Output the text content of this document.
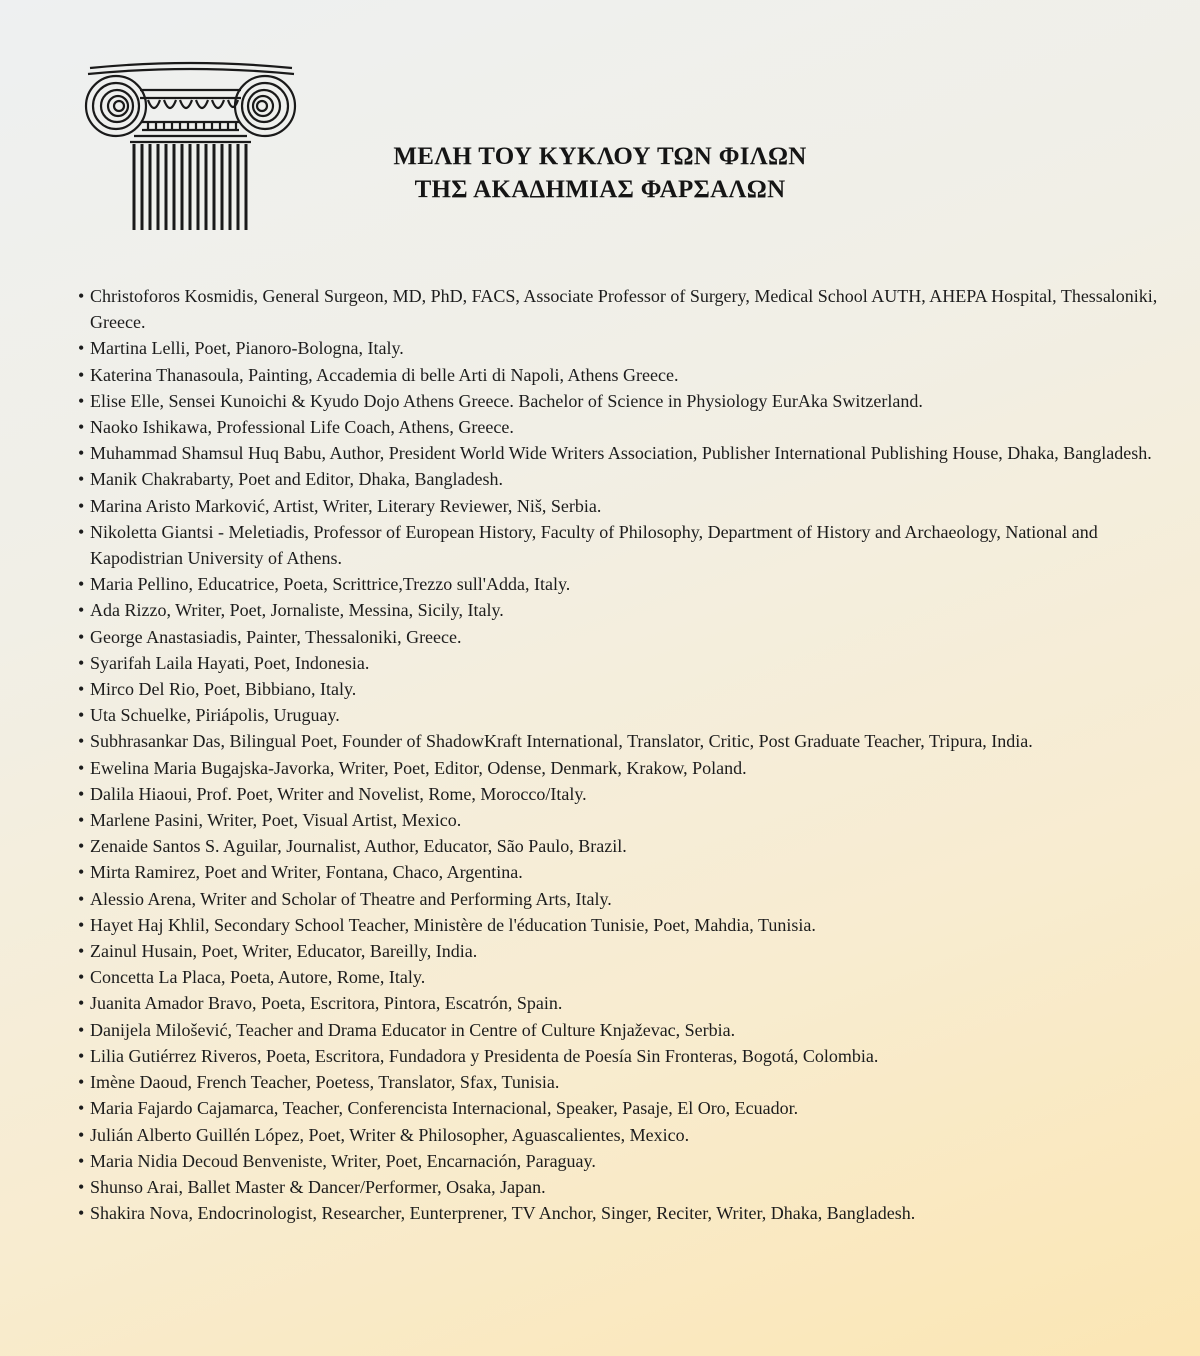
ΜΕΛΗ ΤΟΥ ΚΥΚΛΟΥ ΤΩΝ ΦΙΛΩΝ
ΤΗΣ ΑΚΑΔΗΜΙΑΣ ΦΑΡΣΑΛΩΝ
• Christoforos Kosmidis, General Surgeon, MD, PhD, FACS, Associate Professor of Surgery, Medical School AUTH, AHEPA Hospital, Thessaloniki, Greece.
• Martina Lelli, Poet, Pianoro-Bologna, Italy.
• Katerina Thanasoula, Painting, Accademia di belle Arti di Napoli, Athens Greece.
• Elise Elle, Sensei Kunoichi & Kyudo Dojo Athens Greece. Bachelor of Science in Physiology EurAka Switzerland.
• Naoko Ishikawa, Professional Life Coach, Athens, Greece.
• Muhammad Shamsul Huq Babu, Author, President World Wide Writers Association, Publisher International Publishing House, Dhaka, Bangladesh.
• Manik Chakrabarty, Poet and Editor, Dhaka, Bangladesh.
• Marina Aristo Marković, Artist, Writer, Literary Reviewer, Niš, Serbia.
• Nikoletta Giantsi - Meletiadis, Professor of European History, Faculty of Philosophy, Department of History and Archaeology, National and Kapodistrian University of Athens.
• Maria Pellino, Educatrice, Poeta, Scrittrice,Trezzo sull'Adda, Italy.
• Ada Rizzo, Writer, Poet, Jornaliste, Messina, Sicily, Italy.
• George Anastasiadis, Painter, Thessaloniki, Greece.
• Syarifah Laila Hayati, Poet, Indonesia.
• Mirco Del Rio, Poet, Bibbiano, Italy.
• Uta Schuelke, Piriápolis, Uruguay.
• Subhrasankar Das, Bilingual Poet, Founder of ShadowKraft International, Translator, Critic, Post Graduate Teacher, Tripura, India.
• Ewelina Maria Bugajska-Javorka, Writer, Poet, Editor, Odense, Denmark, Krakow, Poland.
• Dalila Hiaoui, Prof. Poet, Writer and Novelist, Rome, Morocco/Italy.
• Marlene Pasini, Writer, Poet, Visual Artist, Mexico.
• Zenaide Santos S. Aguilar, Journalist, Author, Educator, São Paulo, Brazil.
• Mirta Ramirez, Poet and Writer, Fontana, Chaco, Argentina.
• Alessio Arena, Writer and Scholar of Theatre and Performing Arts, Italy.
• Hayet Haj Khlil, Secondary School Teacher, Ministère de l'éducation Tunisie, Poet, Mahdia, Tunisia.
• Zainul Husain, Poet, Writer, Educator, Bareilly, India.
• Concetta La Placa, Poeta, Autore, Rome, Italy.
• Juanita Amador Bravo, Poeta, Escritora, Pintora, Escatrón, Spain.
• Danijela Milošević, Teacher and Drama Educator in Centre of Culture Knjaževac, Serbia.
• Lilia Gutiérrez Riveros, Poeta, Escritora, Fundadora y Presidenta de Poesía Sin Fronteras, Bogotá, Colombia.
• Imène Daoud, French Teacher, Poetess, Translator, Sfax, Tunisia.
• Maria Fajardo Cajamarca, Teacher, Conferencista Internacional, Speaker, Pasaje, El Oro, Ecuador.
• Julián Alberto Guillén López, Poet, Writer & Philosopher, Aguascalientes, Mexico.
• Maria Nidia Decoud Benveniste, Writer, Poet, Encarnación, Paraguay.
• Shunso Arai, Ballet Master & Dancer/Performer, Osaka, Japan.
• Shakira Nova, Endocrinologist, Researcher, Eunterprener, TV Anchor, Singer, Reciter, Writer, Dhaka, Bangladesh.
